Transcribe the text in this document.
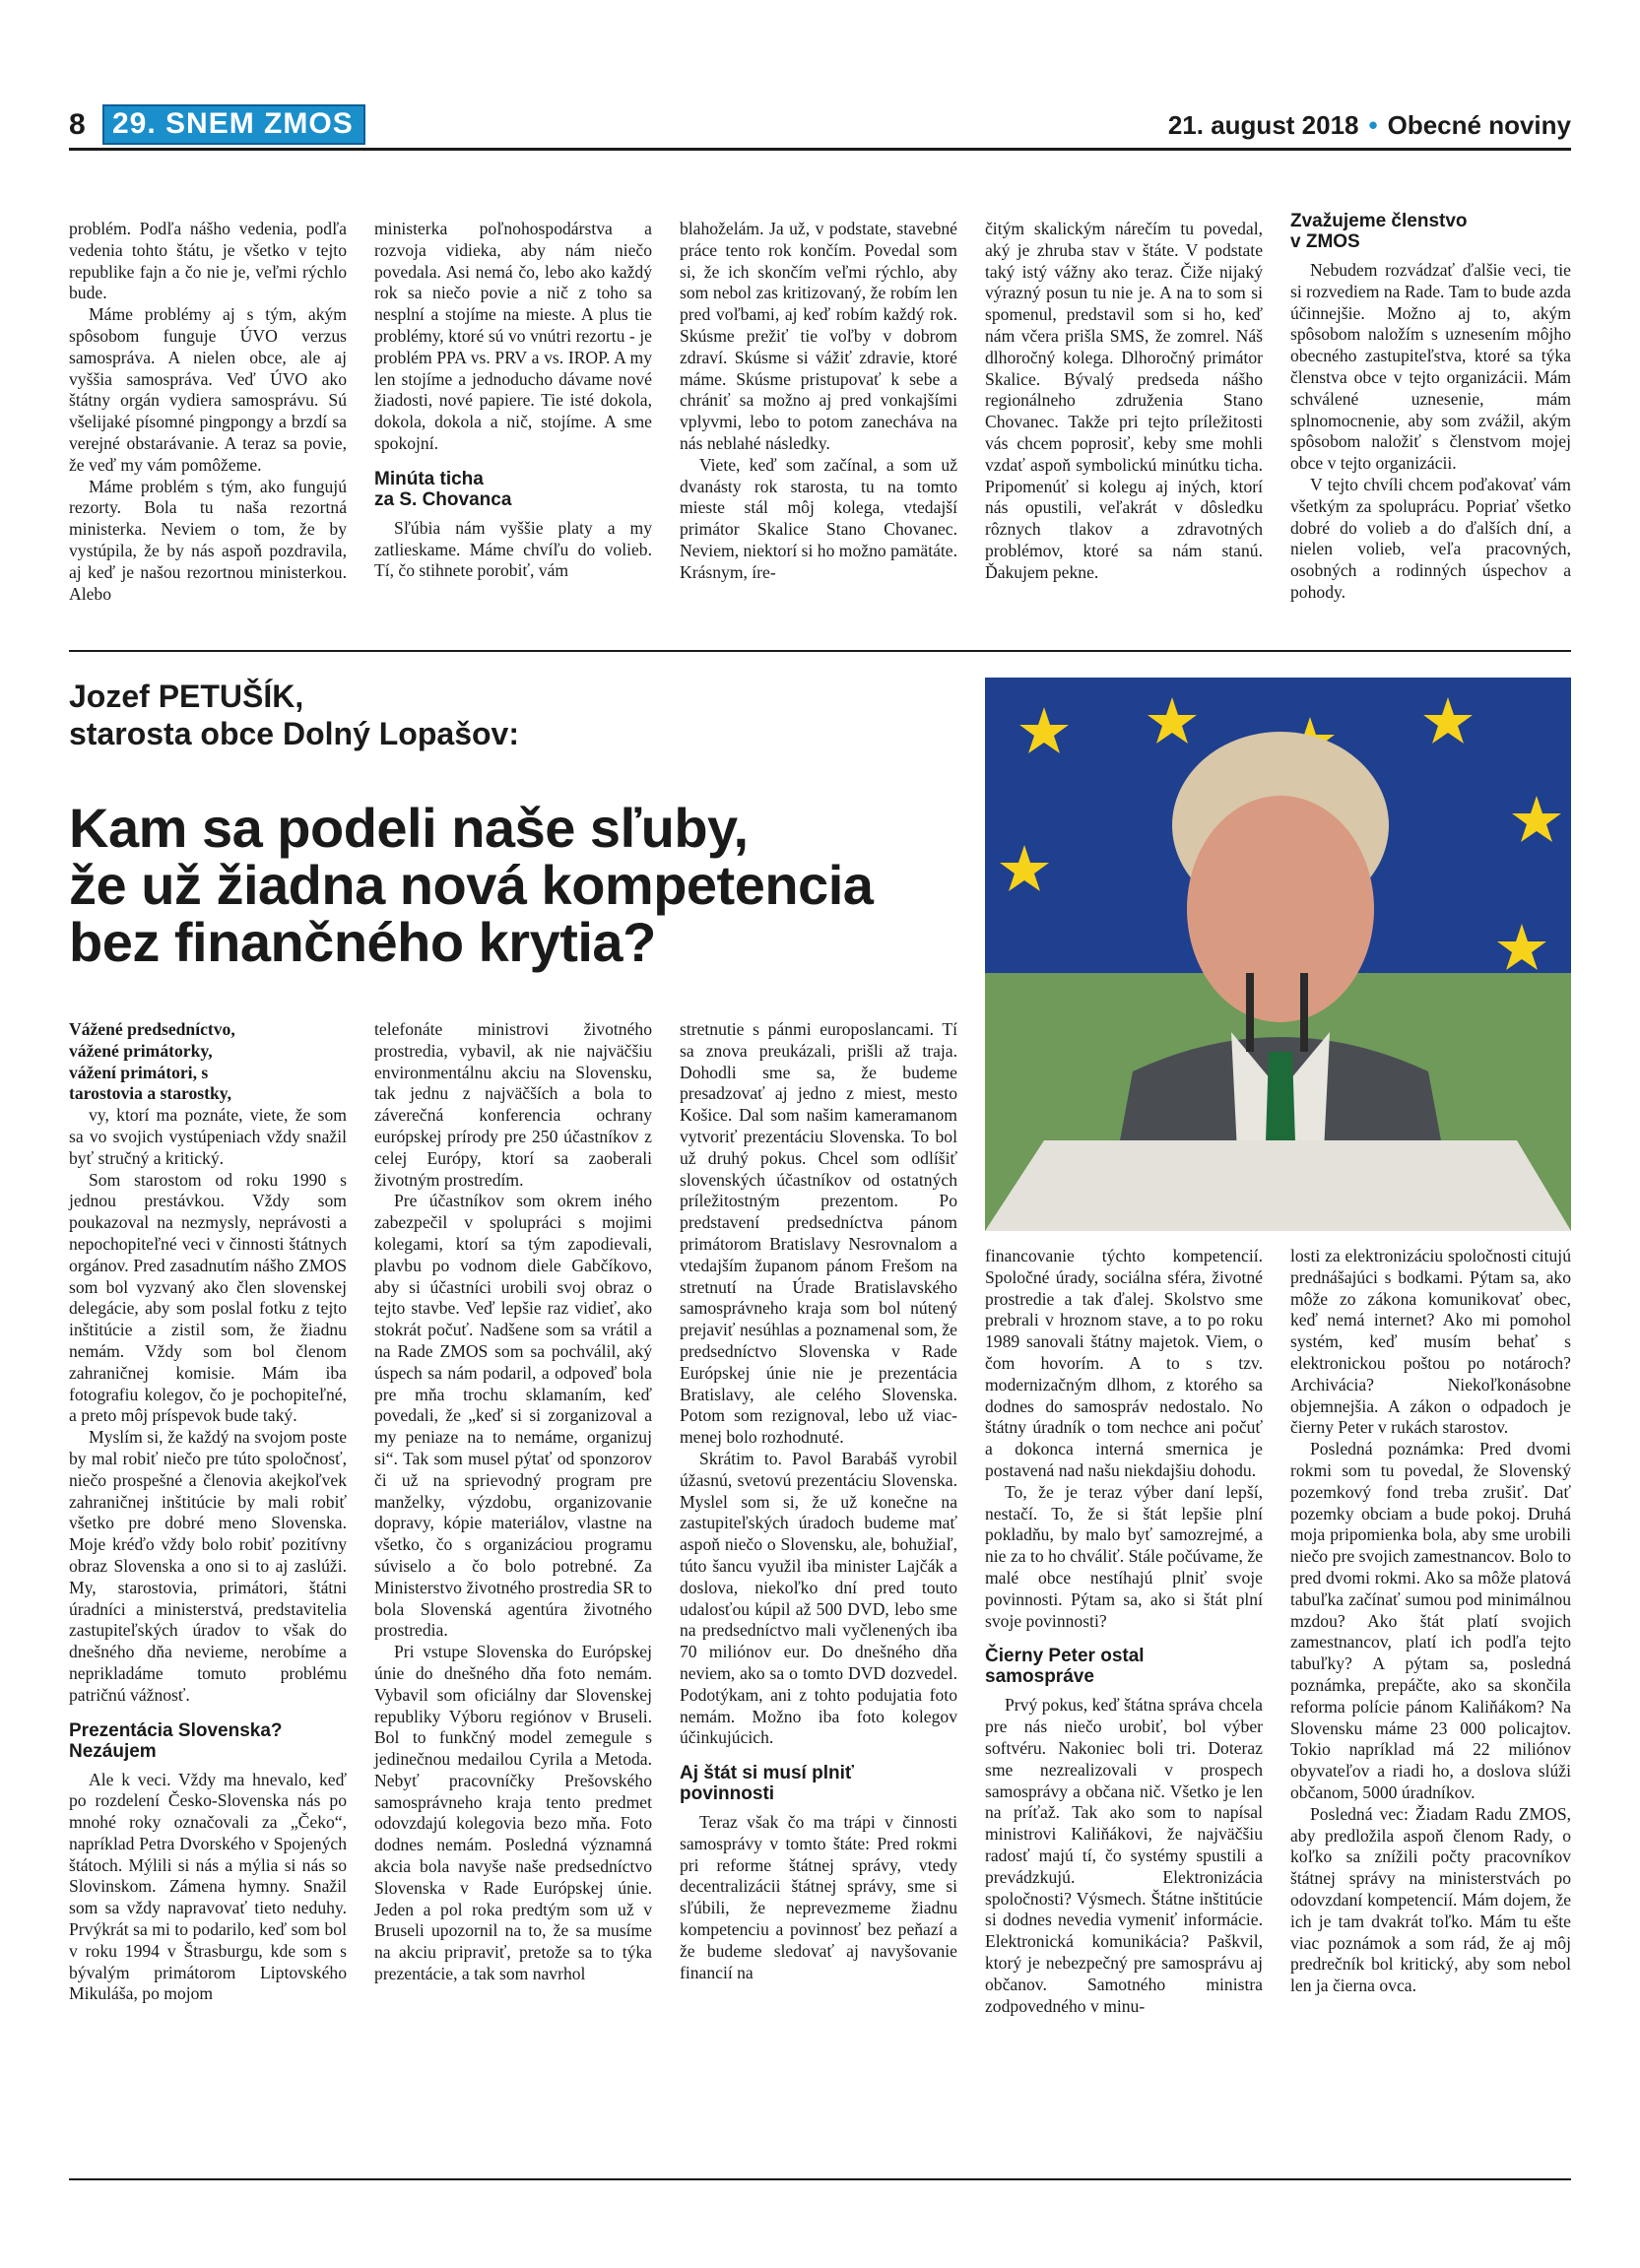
8 29. SNEM ZMOS	21. august 2018 • Obecné noviny

problém. Podľa nášho vedenia, podľa vedenia tohto štátu, je všetko v tejto republike fajn a čo nie je, veľmi rýchlo bude.

Máme problémy aj s tým, akým spôsobom funguje ÚVO verzus samospráva. A nielen obce, ale aj vyššia samospráva. Veď ÚVO ako štátny orgán vydiera samosprávu. Sú všelijaké písomné pingpongy a brzdí sa verejné obstarávanie. A teraz sa povie, že veď my vám pomôžeme.

Máme problém s tým, ako fungujú rezorty. Bola tu naša rezortná ministerka. Neviem o tom, že by vystúpila, že by nás aspoň pozdravila, aj keď je našou rezortnou ministerkou. Alebo

ministerka poľnohospodárstva a rozvoja vidieka, aby nám niečo povedala. Asi nemá čo, lebo ako každý rok sa niečo povie a nič z toho sa nesplní a stojíme na mieste. A plus tie problémy, ktoré sú vo vnútri rezortu - je problém PPA vs. PRV a vs. IROP. A my len stojíme a jednoducho dávame nové žiadosti, nové papiere. Tie isté dokola, dokola, dokola a nič, stojíme. A sme spokojní.

Minúta ticha
za S. Chovanca

Sľúbia nám vyššie platy a my zatlieskame. Máme chvíľu do volieb. Tí, čo stihnete porobiť, vám

blahoželám. Ja už, v podstate, stavebné práce tento rok končím. Povedal som si, že ich skončím veľmi rýchlo, aby som nebol zas kritizovaný, že robím len pred voľbami, aj keď robím každý rok. Skúsme prežiť tie voľby v dobrom zdraví. Skúsme si vážiť zdravie, ktoré máme. Skúsme pristupovať k sebe a chrániť sa možno aj pred vonkajšími vplyvmi, lebo to potom zanecháva na nás neblahé následky.

Viete, keď som začínal, a som už dvanásty rok starosta, tu na tomto mieste stál môj kolega, vtedajší primátor Skalice Stano Chovanec. Neviem, niektorí si ho možno pamätáte. Krásnym, íre-

čitým skalickým nárečím tu povedal, aký je zhruba stav v štáte. V podstate taký istý vážny ako teraz. Čiže nijaký výrazný posun tu nie je. A na to som si spomenul, predstavil som si ho, keď nám včera prišla SMS, že zomrel. Náš dlhoročný kolega. Dlhoročný primátor Skalice. Bývalý predseda nášho regionálneho združenia Stano Chovanec. Takže pri tejto príležitosti vás chcem poprosiť, keby sme mohli vzdať aspoň symbolickú minútku ticha. Pripomenúť si kolegu aj iných, ktorí nás opustili, veľakrát v dôsledku rôznych tlakov a zdravotných problémov, ktoré sa nám stanú. Ďakujem pekne.

Zvažujeme členstvo
v ZMOS

Nebudem rozvádzať ďalšie veci, tie si rozvediem na Rade. Tam to bude azda účinnejšie. Možno aj to, akým spôsobom naložím s uznesením môjho obecného zastupiteľstva, ktoré sa týka členstva obce v tejto organizácii. Mám schválené uznesenie, mám splnomocnenie, aby som zvážil, akým spôsobom naložiť s členstvom mojej obce v tejto organizácii.

V tejto chvíli chcem poďakovať vám všetkým za spoluprácu. Popriať všetko dobré do volieb a do ďalších dní, a nielen volieb, veľa pracovných, osobných a rodinných úspechov a pohody.

Jozef PETUŠÍK,
starosta obce Dolný Lopašov:
Kam sa podeli naše sľuby,
že už žiadna nová kompetencia
bez finančného krytia?

Vážené predsedníctvo,
vážené primátorky,
vážení primátori, s
tarostovia a starostky,

vy, ktorí ma poznáte, viete, že som sa vo svojich vystúpeniach vždy snažil byť stručný a kritický.

Som starostom od roku 1990 s jednou prestávkou. Vždy som poukazoval na nezmysly, neprávosti a nepochopiteľné veci v činnosti štátnych orgánov. Pred zasadnutím nášho ZMOS som bol vyzvaný ako člen slovenskej delegácie, aby som poslal fotku z tejto inštitúcie a zistil som, že žiadnu nemám. Vždy som bol členom zahraničnej komisie. Mám iba fotografiu kolegov, čo je pochopiteľné, a preto môj príspevok bude taký.

Myslím si, že každý na svojom poste by mal robiť niečo pre túto spoločnosť, niečo prospešné a členovia akejkoľvek zahraničnej inštitúcie by mali robiť všetko pre dobré meno Slovenska. Moje kréďo vždy bolo robiť pozitívny obraz Slovenska a ono si to aj zaslúži. My, starostovia, primátori, štátni úradníci a ministerstvá, predstavitelia zastupiteľských úradov to však do dnešného dňa nevieme, nerobíme a neprikladáme tomuto problému patričnú vážnosť.

Prezentácia Slovenska?
Nezáujem

Ale k veci. Vždy ma hnevalo, keď po rozdelení Česko-Slovenska nás po mnohé roky označovali za „Čeko“, napríklad Petra Dvorského v Spojených štátoch. Mýlili si nás a mýlia si nás so Slovinskom. Zámena hymny. Snažil som sa vždy napravovať tieto neduhy. Prvýkrát sa mi to podarilo, keď som bol v roku 1994 v Štrasburgu, kde som s bývalým primátorom Liptovského Mikuláša, po mojom

telefonáte ministrovi životného prostredia, vybavil, ak nie najväčšiu environmentálnu akciu na Slovensku, tak jednu z najväčších a bola to záverečná konferencia ochrany európskej prírody pre 250 účastníkov z celej Európy, ktorí sa zaoberali životným prostredím.

Pre účastníkov som okrem iného zabezpečil v spolupráci s mojimi kolegami, ktorí sa tým zapodievali, plavbu po vodnom diele Gabčíkovo, aby si účastníci urobili svoj obraz o tejto stavbe. Veď lepšie raz vidieť, ako stokrát počuť. Nadšene som sa vrátil a na Rade ZMOS som sa pochválil, aký úspech sa nám podaril, a odpoveď bola pre mňa trochu sklamaním, keď povedali, že „keď si si zorganizoval a my peniaze na to nemáme, organizuj si“. Tak som musel pýtať od sponzorov či už na sprievodný program pre manželky, výzdobu, organizovanie dopravy, kópie materiálov, vlastne na všetko, čo s organizáciou programu súviselo a čo bolo potrebné. Za Ministerstvo životného prostredia SR to bola Slovenská agentúra životného prostredia.

Pri vstupe Slovenska do Európskej únie do dnešného dňa foto nemám. Vybavil som oficiálny dar Slovenskej republiky Výboru regiónov v Bruseli. Bol to funkčný model zemegule s jedinečnou medailou Cyrila a Metoda. Nebyť pracovníčky Prešovského samosprávneho kraja tento predmet odovzdajú kolegovia bezo mňa. Foto dodnes nemám. Posledná významná akcia bola navyše naše predsedníctvo Slovenska v Rade Európskej únie. Jeden a pol roka predtým som už v Bruseli upozornil na to, že sa musíme na akciu pripraviť, pretože sa to týka prezentácie, a tak som navrhol

stretnutie s pánmi europoslancami. Tí sa znova preukázali, prišli až traja. Dohodli sme sa, že budeme presadzovať aj jedno z miest, mesto Košice. Dal som našim kameramanom vytvoriť prezentáciu Slovenska. To bol už druhý pokus. Chcel som odlíšiť slovenských účastníkov od ostatných príležitostným prezentom. Po predstavení predsedníctva pánom primátorom Bratislavy Nesrovnalom a vtedajším županom pánom Frešom na stretnutí na Úrade Bratislavského samosprávneho kraja som bol nútený prejaviť nesúhlas a poznamenal som, že predsedníctvo Slovenska v Rade Európskej únie nie je prezentácia Bratislavy, ale celého Slovenska. Potom som rezignoval, lebo už viac-menej bolo rozhodnuté.

Skrátim to. Pavol Barabáš vyrobil úžasnú, svetovú prezentáciu Slovenska. Myslel som si, že už konečne na zastupiteľských úradoch budeme mať aspoň niečo o Slovensku, ale, bohužiaľ, túto šancu využil iba minister Lajčák a doslova, niekoľko dní pred touto udalosťou kúpil až 500 DVD, lebo sme na predsedníctvo mali vyčlenených iba 70 miliónov eur. Do dnešného dňa neviem, ako sa o tomto DVD dozvedel. Podotýkam, ani z tohto podujatia foto nemám. Možno iba foto kolegov účinkujúcich.

Aj štát si musí plniť
povinnosti

Teraz však čo ma trápi v činnosti samosprávy v tomto štáte: Pred rokmi pri reforme štátnej správy, vtedy decentralizácii štátnej správy, sme si sľúbili, že neprevezmeme žiadnu kompetenciu a povinnosť bez peňazí a že budeme sledovať aj navyšovanie financií na

financovanie týchto kompetencií. Spoločné úrady, sociálna sféra, životné prostredie a tak ďalej. Skolstvo sme prebrali v hroznom stave, a to po roku 1989 sanovali štátny majetok. Viem, o čom hovorím. A to s tzv. modernizačným dlhom, z ktorého sa dodnes do samospráv nedostalo. No štátny úradník o tom nechce ani počuť a dokonca interná smernica je postavená nad našu niekdajšiu dohodu.

To, že je teraz výber daní lepší, nestačí. To, že si štát lepšie plní pokladňu, by malo byť samozrejmé, a nie za to ho chváliť. Stále počúvame, že malé obce nestíhajú plniť svoje povinnosti. Pýtam sa, ako si štát plní svoje povinnosti?

Čierny Peter ostal
samospráve

Prvý pokus, keď štátna správa chcela pre nás niečo urobiť, bol výber softvéru. Nakoniec boli tri. Doteraz sme nezrealizovali v prospech samosprávy a občana nič. Všetko je len na príťaž. Tak ako som to napísal ministrovi Kaliňákovi, že najväčšiu radosť majú tí, čo systémy spustili a prevádzkujú. Elektronizácia spoločnosti? Výsmech. Štátne inštitúcie si dodnes nevedia vymeniť informácie. Elektronická komunikácia? Paškvil, ktorý je nebezpečný pre samosprávu aj občanov. Samotného ministra zodpovedného v minu-

losti za elektronizáciu spoločnosti citujú prednášajúci s bodkami. Pýtam sa, ako môže zo zákona komunikovať obec, keď nemá internet? Ako mi pomohol systém, keď musím behať s elektronickou poštou po notároch? Archivácia? Niekoľkonásobne objemnejšia. A zákon o odpadoch je čierny Peter v rukách starostov.

Posledná poznámka: Pred dvomi rokmi som tu povedal, že Slovenský pozemkový fond treba zrušiť. Dať pozemky obciam a bude pokoj. Druhá moja pripomienka bola, aby sme urobili niečo pre svojich zamestnancov. Bolo to pred dvomi rokmi. Ako sa môže platová tabuľka začínať sumou pod minimálnou mzdou? Ako štát platí svojich zamestnancov, platí ich podľa tejto tabuľky? A pýtam sa, posledná poznámka, prepáčte, ako sa skončila reforma polície pánom Kaliňákom? Na Slovensku máme 23 000 policajtov. Tokio napríklad má 22 miliónov obyvateľov a riadi ho, a doslova slúži občanom, 5000 úradníkov.

Posledná vec: Žiadam Radu ZMOS, aby predložila aspoň členom Rady, o koľko sa znížili počty pracovníkov štátnej správy na ministerstvách po odovzdaní kompetencií. Mám dojem, že ich je tam dvakrát toľko. Mám tu ešte viac poznámok a som rád, že aj môj predrečník bol kritický, aby som nebol len ja čierna ovca.
